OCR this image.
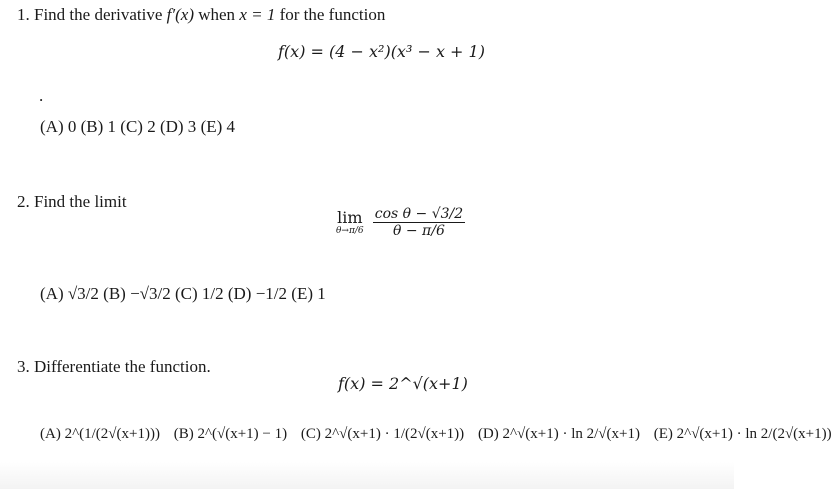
1. Find the derivative f′(x) when x = 1 for the function
f(x) = (4 − x²)(x³ − x + 1)
.
(A) 0 (B) 1 (C) 2 (D) 3 (E) 4
2. Find the limit
lim
θ→π/6
$\frac{\text{cos θ − √3/2}}{\theta - \pi/6}$
(A) √3/2 (B) −√3/2 (C) 1/2 (D) −1/2 (E) 1
3. Differentiate the function.
f(x) = 2^√(x+1)
(A) 2^(1/(2√(x+1))) (B) 2^(√(x+1) − 1) (C) 2^√(x+1) · 1/(2√(x+1)) (D) 2^√(x+1) · ln 2/√(x+1) (E) 2^√(x+1) · ln 2/(2√(x+1))
